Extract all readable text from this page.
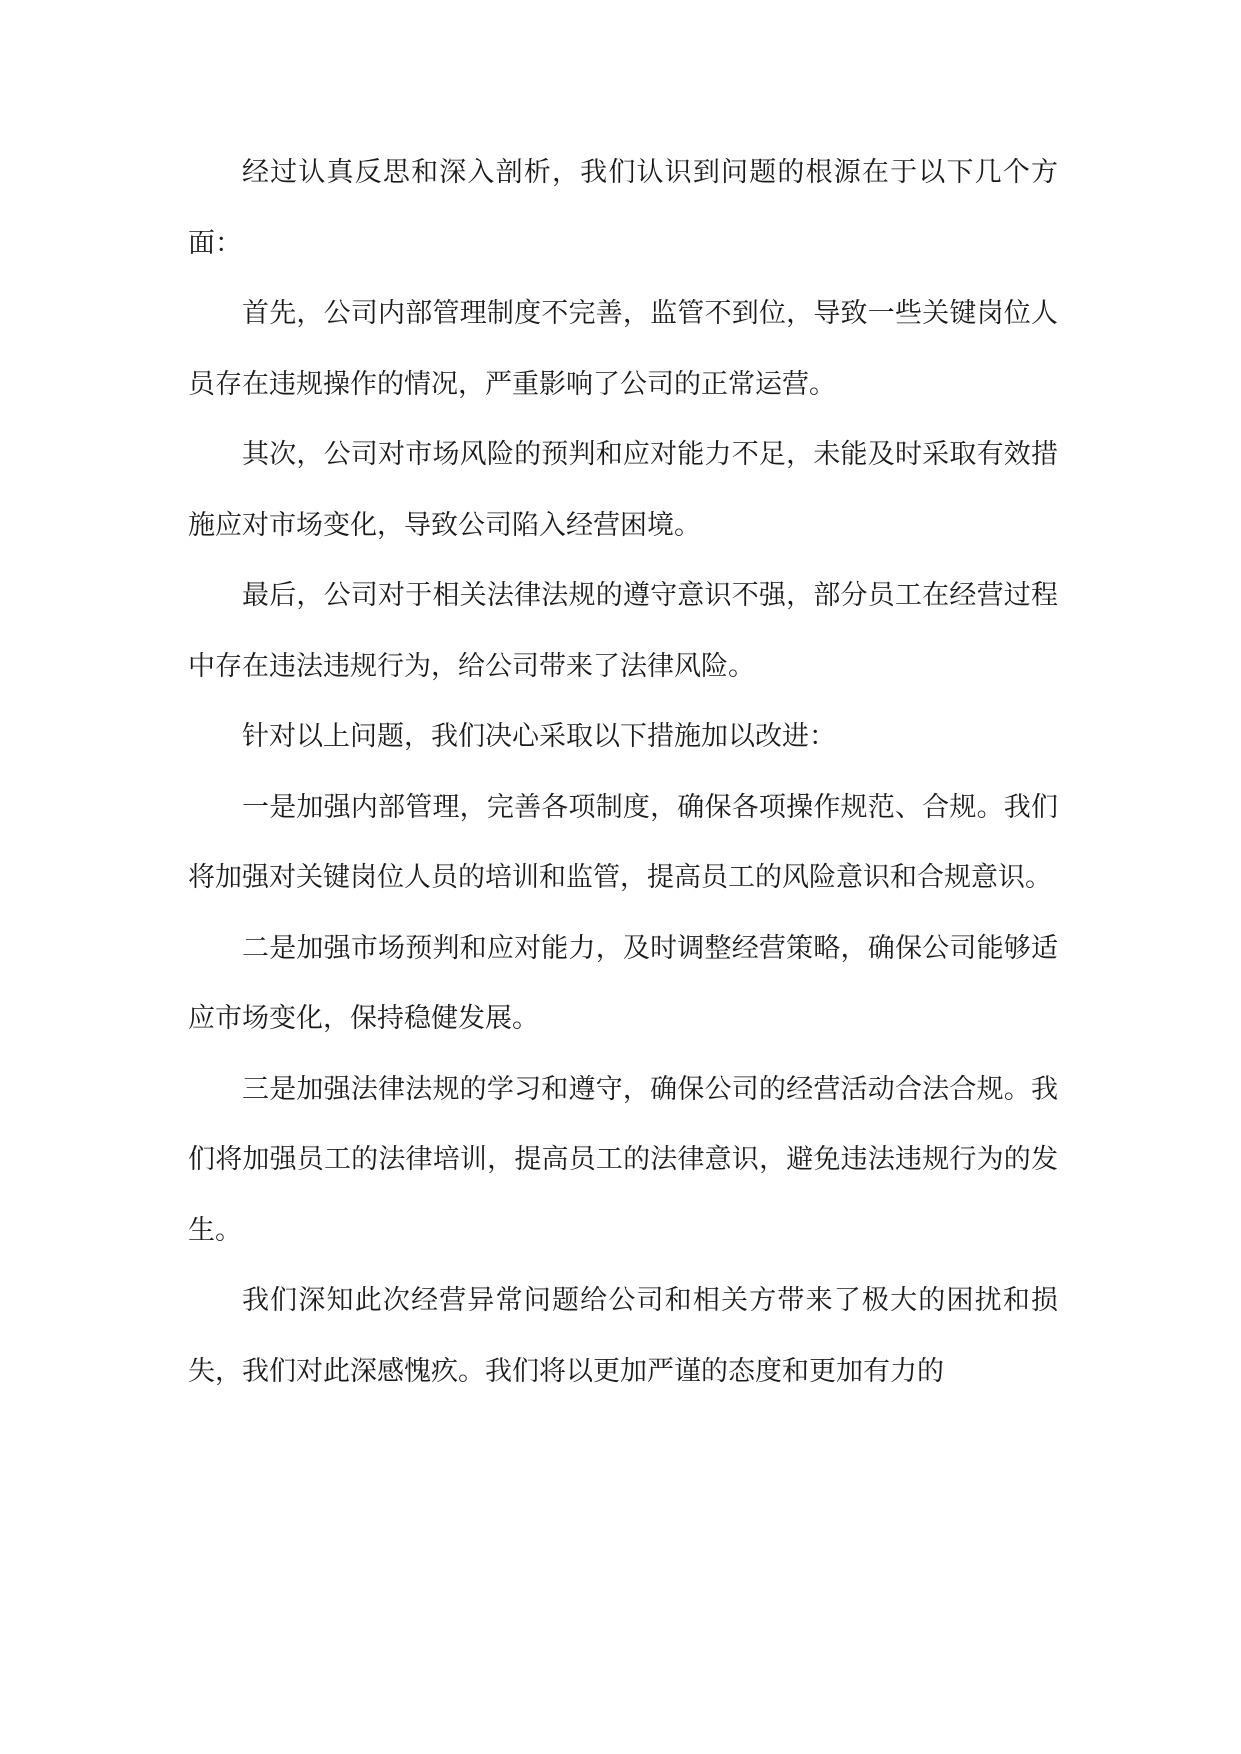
经过认真反思和深入剖析，我们认识到问题的根源在于以下几个方面：

首先，公司内部管理制度不完善，监管不到位，导致一些关键岗位人员存在违规操作的情况，严重影响了公司的正常运营。

其次，公司对市场风险的预判和应对能力不足，未能及时采取有效措施应对市场变化，导致公司陷入经营困境。

最后，公司对于相关法律法规的遵守意识不强，部分员工在经营过程中存在违法违规行为，给公司带来了法律风险。

针对以上问题，我们决心采取以下措施加以改进：

一是加强内部管理，完善各项制度，确保各项操作规范、合规。我们将加强对关键岗位人员的培训和监管，提高员工的风险意识和合规意识。

二是加强市场预判和应对能力，及时调整经营策略，确保公司能够适应市场变化，保持稳健发展。

三是加强法律法规的学习和遵守，确保公司的经营活动合法合规。我们将加强员工的法律培训，提高员工的法律意识，避免违法违规行为的发生。

我们深知此次经营异常问题给公司和相关方带来了极大的困扰和损失，我们对此深感愧疚。我们将以更加严谨的态度和更加有力的
